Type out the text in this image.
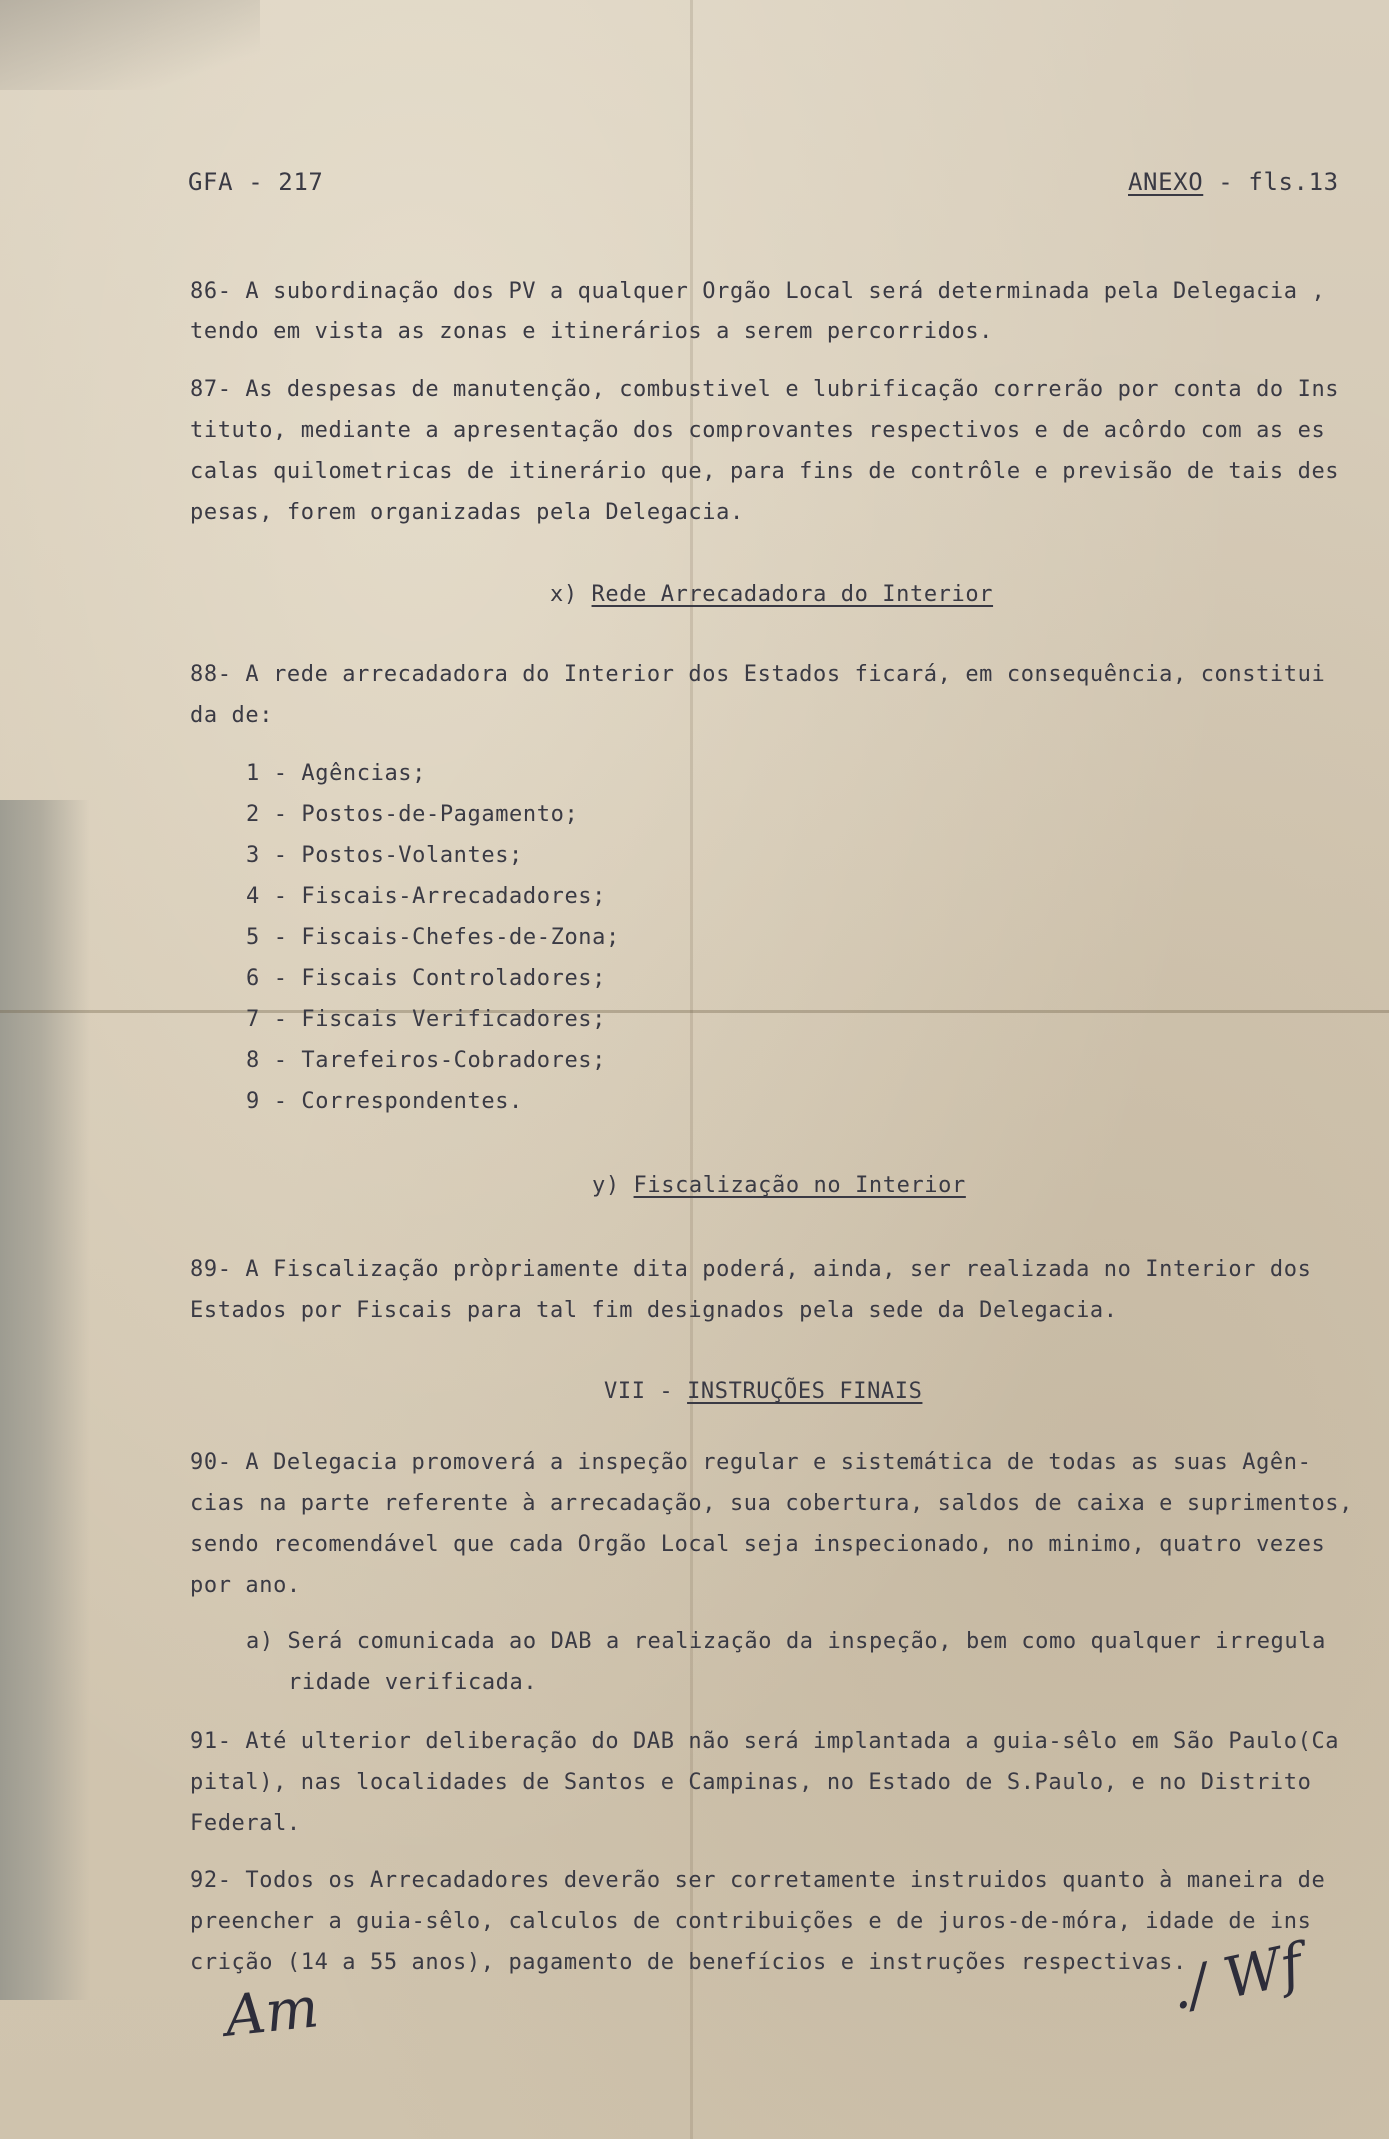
GFA - 217	ANEXO - fls.13
86- A subordinação dos PV a qualquer Orgão Local será determinada pela Delegacia ,
tendo em vista as zonas e itinerários a serem percorridos.
87- As despesas de manutenção, combustivel e lubrificação correrão por conta do Ins
tituto, mediante a apresentação dos comprovantes respectivos e de acôrdo com as es
calas quilometricas de itinerário que, para fins de contrôle e previsão de tais des
pesas, forem organizadas pela Delegacia.
x) Rede Arrecadadora do Interior
88- A rede arrecadadora do Interior dos Estados ficará, em consequência, constitui
da de:
1 - Agências;
2 - Postos-de-Pagamento;
3 - Postos-Volantes;
4 - Fiscais-Arrecadadores;
5 - Fiscais-Chefes-de-Zona;
6 - Fiscais Controladores;
7 - Fiscais Verificadores;
8 - Tarefeiros-Cobradores;
9 - Correspondentes.
y) Fiscalização no Interior
89- A Fiscalização pròpriamente dita poderá, ainda, ser realizada no Interior dos
Estados por Fiscais para tal fim designados pela sede da Delegacia.
VII - INSTRUÇÕES FINAIS
90- A Delegacia promoverá a inspeção regular e sistemática de todas as suas Agên-
cias na parte referente à arrecadação, sua cobertura, saldos de caixa e suprimentos,
sendo recomendável que cada Orgão Local seja inspecionado, no minimo, quatro vezes
por ano.
a) Será comunicada ao DAB a realização da inspeção, bem como qualquer irregula
ridade verificada.
91- Até ulterior deliberação do DAB não será implantada a guia-sêlo em São Paulo(Ca
pital), nas localidades de Santos e Campinas, no Estado de S.Paulo, e no Distrito
Federal.
92- Todos os Arrecadadores deverão ser corretamente instruidos quanto à maneira de
preencher a guia-sêlo, calculos de contribuições e de juros-de-móra, idade de ins
crição (14 a 55 anos), pagamento de benefícios e instruções respectivas.
Am	./ Wf
